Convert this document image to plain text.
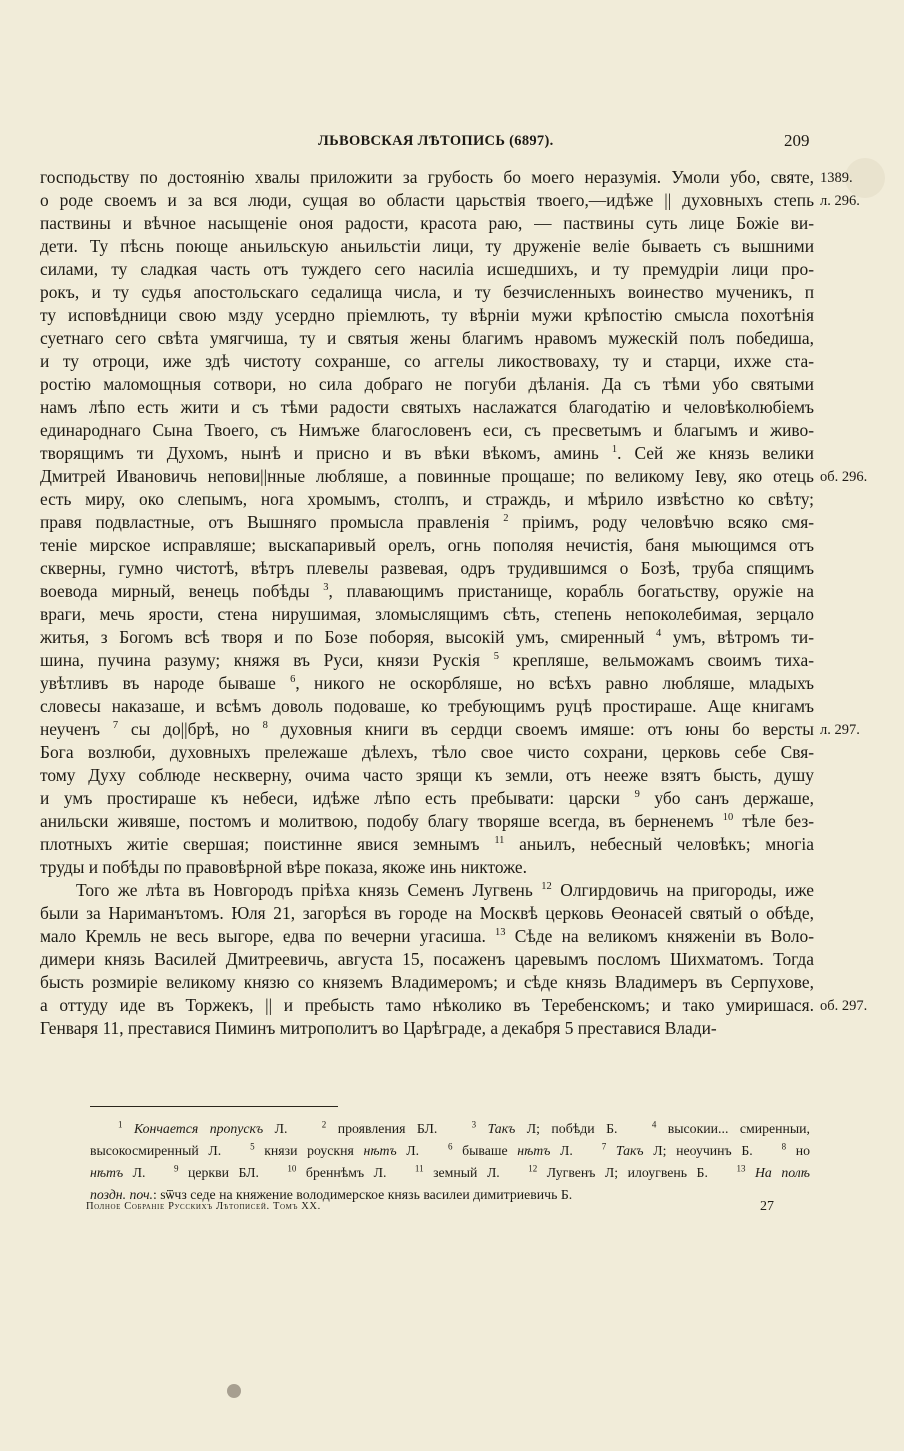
ЛЬВОВСКАЯ ЛѢТОПИСЬ (6897).	209
господьству по достоянію хвалы приложити за грубость бо моего неразумія. Умоли убо, святе,
о роде своемъ и за вся люди, сущая во области царьствія твоего,—идѣже || духовныхъ степь
паствины и вѣчное насыщеніе оноя радости, красота раю, — паствины суть лице Божіе ви-
дети. Ту пѣснь поюще аньильскую аньильстіи лици, ту друженіе веліе бываеть съ вышними
силами, ту сладкая часть отъ туждего сего насиліа исшедшихъ, и ту премудріи лици про-
рокъ, и ту судья апостольскаго седалища числа, и ту безчисленныхъ воинество мученикъ, п
ту исповѣдници свою мзду усердно пріемлють, ту вѣрніи мужи крѣпостію смысла похотѣнія
суетнаго сего свѣта умягчиша, ту и святыя жены благимъ нравомъ мужескій полъ победиша,
и ту отроци, иже здѣ чистоту сохранше, со аггелы ликоствоваху, ту и старци, ихже ста-
ростію маломощныя сотвори, но сила добраго не погуби дѣланія. Да съ тѣми убо святыми
намъ лѣпо есть жити и съ тѣми радости святыхъ наслажатся благодатію и человѣколюбіемъ
единароднаго Сына Твоего, съ Нимъже благословенъ еси, съ пресветымъ и благымъ и живо-
творящимъ ти Духомъ, нынѣ и присно и въ вѣки вѣкомъ, аминь $^1$. Сей же князь велики
Дмитрей Ивановичь непови||нные любляше, а повинные прощаше; по великому Іеву, яко отець
есть миру, око слепымъ, нога хромымъ, столпъ, и страждь, и мѣрило извѣстно ко свѣту;
правя подвластные, отъ Вышняго промысла правленія $^2$ пріимъ, роду человѣчю всяко смя-
теніе мирское исправляше; выскапаривый орелъ, огнь пополяя нечистія, баня мыющимся отъ
скверны, гумно чистотѣ, вѣтръ плевелы развевая, одръ трудившимся о Бозѣ, труба спящимъ
воевода мирный, венець побѣды $^3$, плавающимъ пристанище, корабль богатьству, оружіе на
враги, мечь ярости, стена нирушимая, зломыслящимъ сѣть, степень непоколебимая, зерцало
житья, з Богомъ всѣ творя и по Бозе поборяя, высокій умъ, смиренный $^4$ умъ, вѣтромъ ти-
шина, пучина разуму; княжя въ Руси, князи Рускія $^5$ крепляше, вельможамъ своимъ тиха-
увѣтливъ въ народе бываше $^6$, никого не оскорбляше, но всѣхъ равно любляше, младыхъ
словесы наказаше, и всѣмъ доволь подоваше, ко требующимъ руцѣ простираше. Аще книгамъ
неученъ $^7$ сы до||брѣ, но $^8$ духовныя книги въ сердци своемъ имяше: отъ юны бо версты
Бога возлюби, духовныхъ прележаше дѣлехъ, тѣло свое чисто сохрани, церковь себе Свя-
тому Духу соблюде нескверну, очима часто зрящи къ земли, отъ нееже взятъ бысть, душу
и умъ простираше къ небеси, идѣже лѣпо есть пребывати: царски $^9$ убо санъ держаше,
анильски живяше, постомъ и молитвою, подобу благу творяше всегда, въ берненемъ $^{10}$ тѣле без-
плотныхъ житіе свершая; поистинне явися земнымъ $^{11}$ аньилъ, небесный человѣкъ; многіа
труды и побѣды по правовѣрной вѣре показа, якоже инь никтоже.
Того же лѣта въ Новгородъ пріѣха князь Семенъ Лугвень $^{12}$ Олгирдовичь на пригороды, иже
были за Нариманътомъ. Юля 21, загорѣся въ городе на Москвѣ церковь Өеонасей святый о обѣде,
мало Кремль не весь выгоре, едва по вечерни угасиша. $^{13}$ Сѣде на великомъ княженіи въ Воло-
димери князь Василей Дмитреевичь, августа 15, посаженъ царевымъ посломъ Шихматомъ. Тогда
бысть розмиріе великому князю со княземъ Владимеромъ; и сѣде князь Владимеръ въ Серпухове,
а оттуду иде въ Торжекъ, || и пребысть тамо нѣколико въ Теребенскомъ; и тако умиришася.
Генваря 11, преставися Пиминъ митрополитъ во Царѣграде, а декабря 5 преставися Влади-
1389.
л. 296.
об. 296.
л. 297.
об. 297.
$^1$ Кончается пропускъ Л.   $^2$ проявления БЛ.   $^3$ Такъ Л; побѣди Б.   $^4$ высокии... смиренныи,
высокосмиренный Л.   $^5$ князи роускня нѣтъ Л.   $^6$ бываше нѣтъ Л.   $^7$ Такъ Л; неоучинъ Б.   $^8$ но
нѣтъ Л.   $^9$ церкви БЛ.   $^{10}$ бреннѣмъ Л.   $^{11}$ земный Л.   $^{12}$ Лугвенъ Л; илоугвень Б.   $^{13}$ На полѣ
поздн. поч.: ѕѿчз седе на княжение володимерское князь василеи димитриевичь Б.
Полное Собраніе Русскихъ Лѣтописей. Томъ XX.	27
